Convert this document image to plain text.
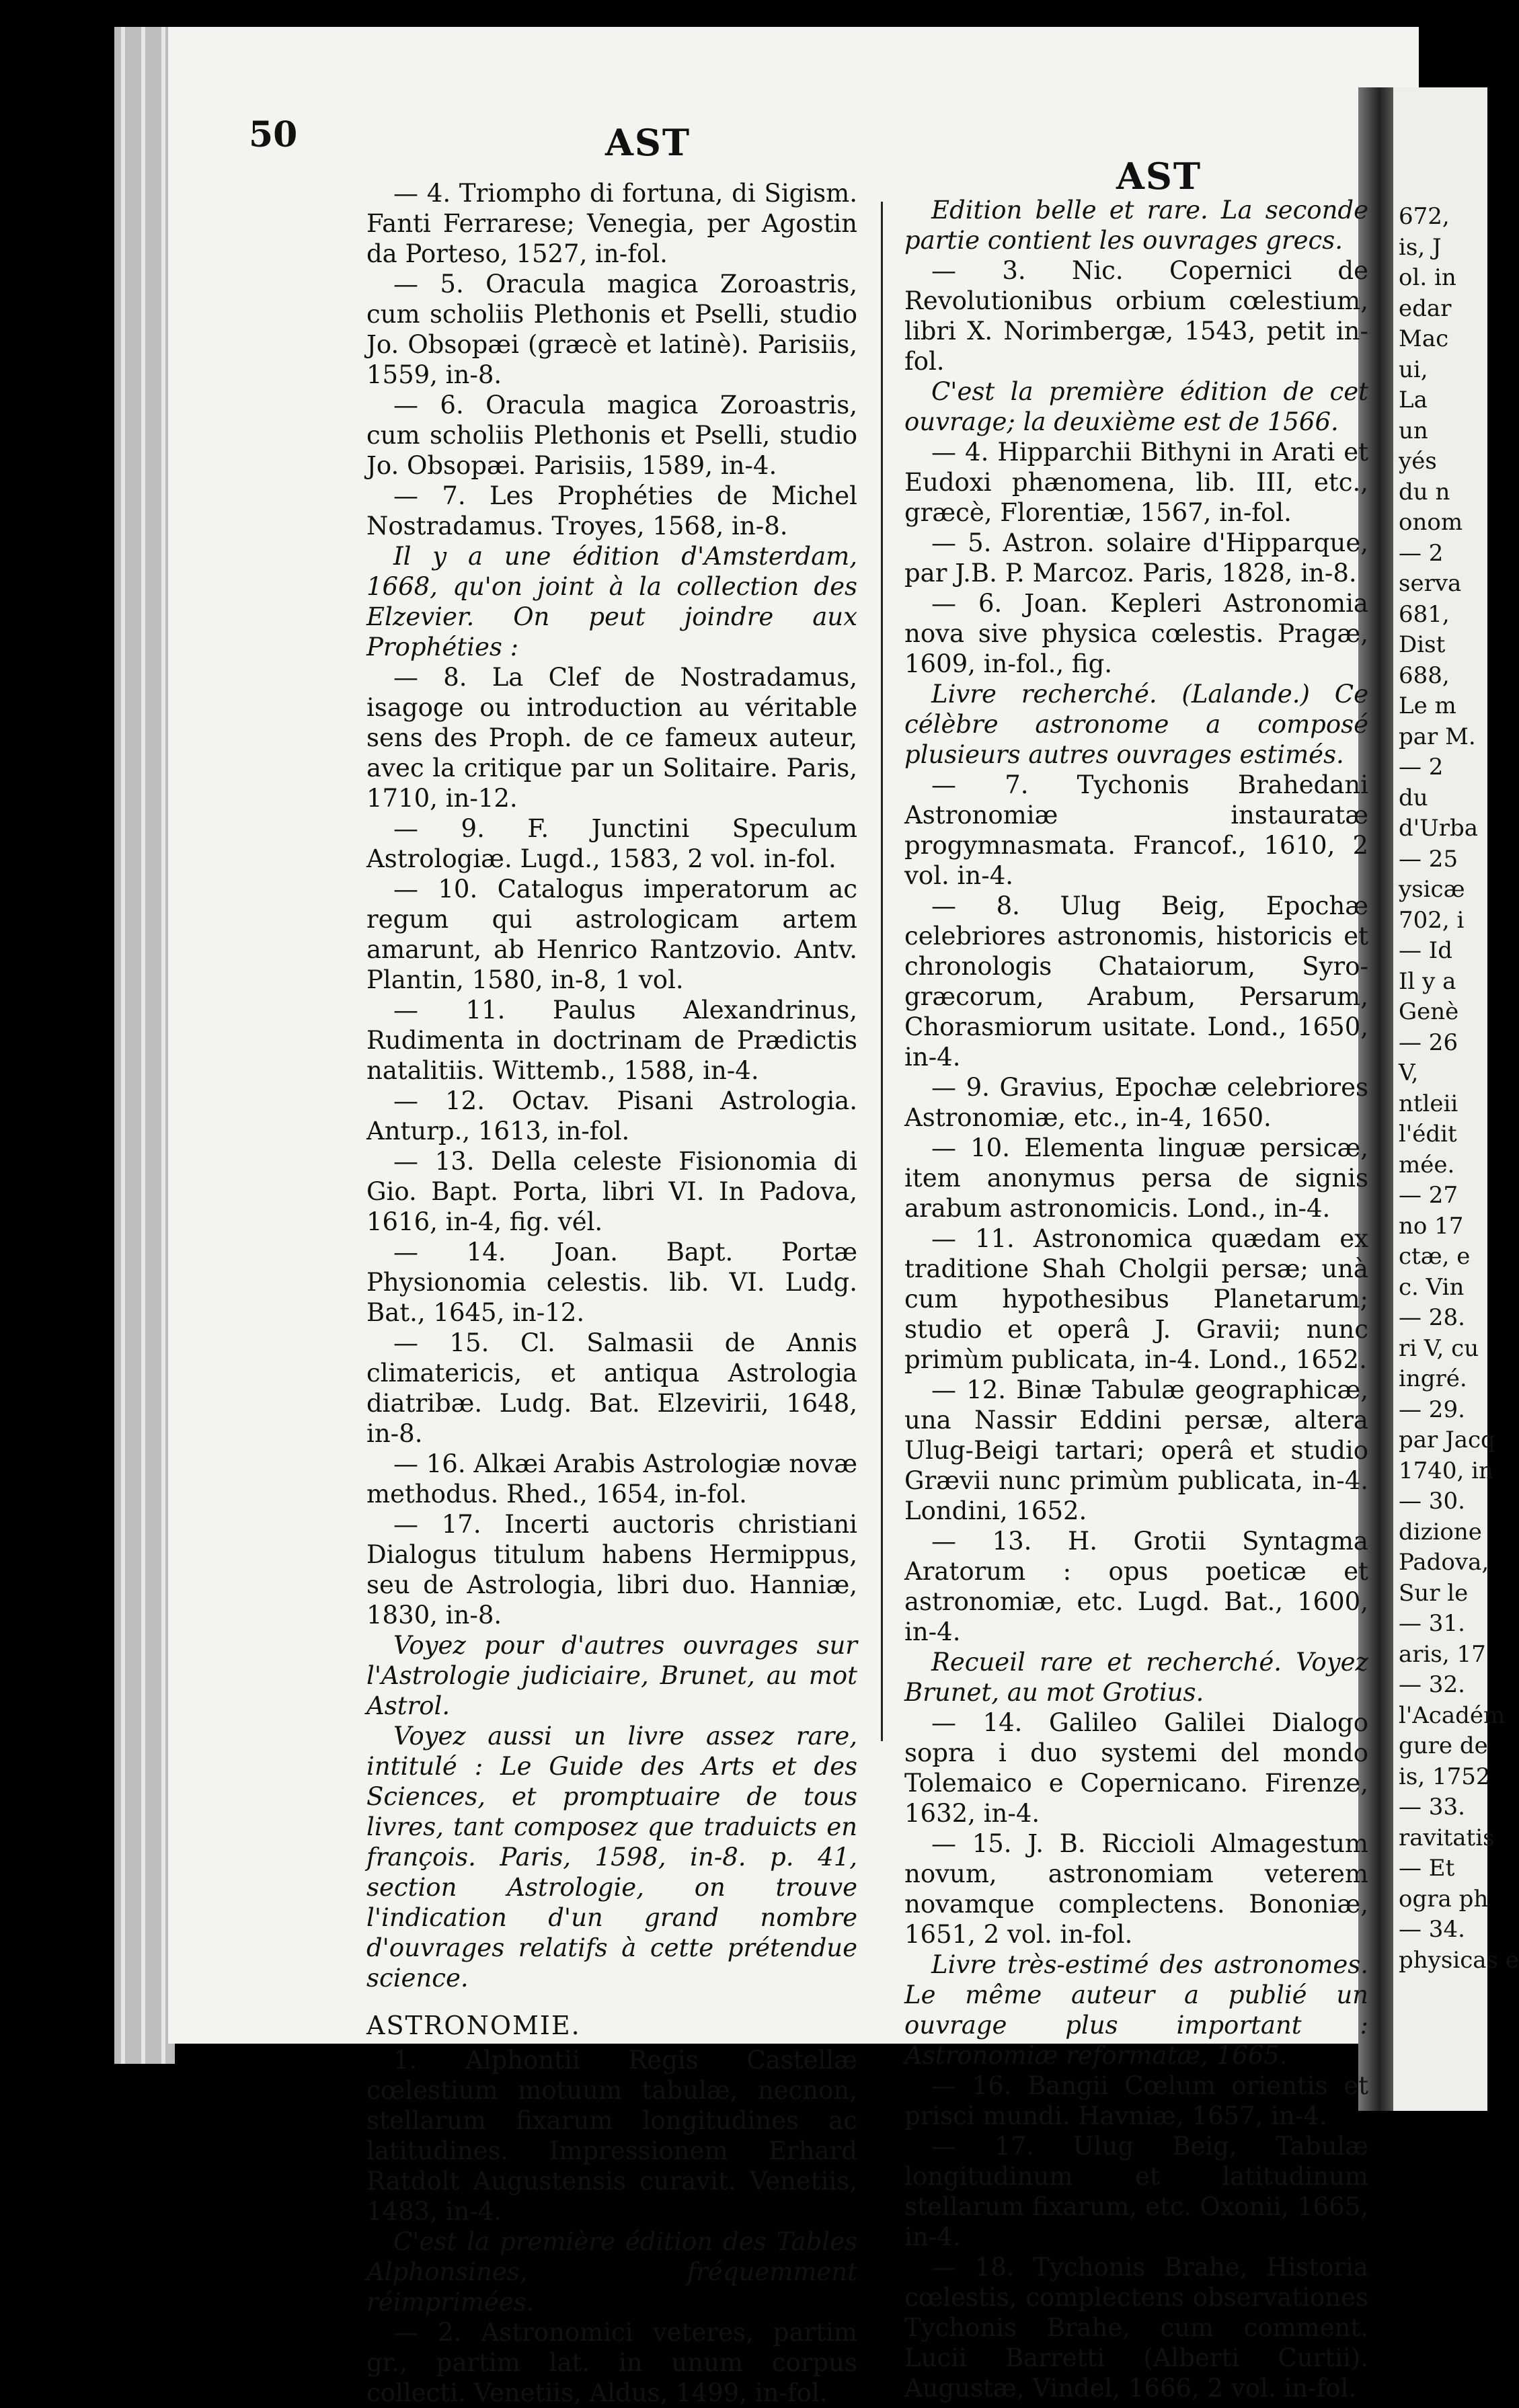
50	AST
AST

— 4. Triompho di fortuna, di Sigism. Fanti Ferrarese; Venegia, per Agostin da Porteso, 1527, in-fol.

— 5. Oracula magica Zoroastris, cum scholiis Plethonis et Pselli, studio Jo. Obsopæi (græcè et latinè). Parisiis, 1559, in-8.

— 6. Oracula magica Zoroastris, cum scholiis Plethonis et Pselli, studio Jo. Obsopæi. Parisiis, 1589, in-4.

— 7. Les Prophéties de Michel Nostradamus. Troyes, 1568, in-8.

Il y a une édition d'Amsterdam, 1668, qu'on joint à la collection des Elzevier. On peut joindre aux Prophéties :

— 8. La Clef de Nostradamus, isagoge ou introduction au véritable sens des Proph. de ce fameux auteur, avec la critique par un Solitaire. Paris, 1710, in-12.

— 9. F. Junctini Speculum Astrologiæ. Lugd., 1583, 2 vol. in-fol.

— 10. Catalogus imperatorum ac regum qui astrologicam artem amarunt, ab Henrico Rantzovio. Antv. Plantin, 1580, in-8, 1 vol.

— 11. Paulus Alexandrinus, Rudimenta in doctrinam de Prædictis natalitiis. Wittemb., 1588, in-4.

— 12. Octav. Pisani Astrologia. Anturp., 1613, in-fol.

— 13. Della celeste Fisionomia di Gio. Bapt. Porta, libri VI. In Padova, 1616, in-4, fig. vél.

— 14. Joan. Bapt. Portæ Physionomia celestis. lib. VI. Ludg. Bat., 1645, in-12.

— 15. Cl. Salmasii de Annis climatericis, et antiqua Astrologia diatribæ. Ludg. Bat. Elzevirii, 1648, in-8.

— 16. Alkæi Arabis Astrologiæ novæ methodus. Rhed., 1654, in-fol.

— 17. Incerti auctoris christiani Dialogus titulum habens Hermippus, seu de Astrologia, libri duo. Hanniæ, 1830, in-8.

Voyez pour d'autres ouvrages sur l'Astrologie judiciaire, Brunet, au mot Astrol.

Voyez aussi un livre assez rare, intitulé : Le Guide des Arts et des Sciences, et promptuaire de tous livres, tant composez que traduicts en françois. Paris, 1598, in-8. p. 41, section Astrologie, on trouve l'indication d'un grand nombre d'ouvrages relatifs à cette prétendue science.

ASTRONOMIE.

1. Alphontii Regis Castellæ cœlestium motuum tabulæ, necnon, stellarum fixarum longitudines ac latitudines. Impressionem Erhard Ratdolt Augustensis curavit. Venetiis, 1483, in-4.

C'est la première édition des Tables Alphonsines, fréquemment réimprimées.

— 2. Astronomici veteres, partim gr., partim lat. in unum corpus collecti. Venetiis, Aldus, 1499, in-fol.

Edition belle et rare. La seconde partie contient les ouvrages grecs.

— 3. Nic. Copernici de Revolutionibus orbium cœlestium, libri X. Norimbergæ, 1543, petit in-fol.

C'est la première édition de cet ouvrage; la deuxième est de 1566.

— 4. Hipparchii Bithyni in Arati et Eudoxi phænomena, lib. III, etc., græcè, Florentiæ, 1567, in-fol.

— 5. Astron. solaire d'Hipparque, par J.B. P. Marcoz. Paris, 1828, in-8.

— 6. Joan. Kepleri Astronomia nova sive physica cœlestis. Pragæ, 1609, in-fol., fig.

Livre recherché. (Lalande.) Ce célèbre astronome a composé plusieurs autres ouvrages estimés.

— 7. Tychonis Brahedani Astronomiæ instauratæ progymnasmata. Francof., 1610, 2 vol. in-4.

— 8. Ulug Beig, Epochæ celebriores astronomis, historicis et chronologis Chataiorum, Syro-græcorum, Arabum, Persarum, Chorasmiorum usitate. Lond., 1650, in-4.

— 9. Gravius, Epochæ celebriores Astronomiæ, etc., in-4, 1650.

— 10. Elementa linguæ persicæ, item anonymus persa de signis arabum astronomicis. Lond., in-4.

— 11. Astronomica quædam ex traditione Shah Cholgii persæ; unà cum hypothesibus Planetarum; studio et operâ J. Gravii; nunc primùm publicata, in-4. Lond., 1652.

— 12. Binæ Tabulæ geographicæ, una Nassir Eddini persæ, altera Ulug-Beigi tartari; operâ et studio Grævii nunc primùm publicata, in-4. Londini, 1652.

— 13. H. Grotii Syntagma Aratorum : opus poeticæ et astronomiæ, etc. Lugd. Bat., 1600, in-4.

Recueil rare et recherché. Voyez Brunet, au mot Grotius.

— 14. Galileo Galilei Dialogo sopra i duo systemi del mondo Tolemaico e Copernicano. Firenze, 1632, in-4.

— 15. J. B. Riccioli Almagestum novum, astronomiam veterem novamque complectens. Bononiæ, 1651, 2 vol. in-fol.

Livre très-estimé des astronomes. Le même auteur a publié un ouvrage plus important : Astronomiæ reformatæ, 1665.

— 16. Bangii Cœlum orientis et prisci mundi. Havniæ, 1657, in-4.

— 17. Ulug Beig, Tabulæ longitudinum et latitudinum stellarum fixarum, etc. Oxonii, 1665, in-4.

— 18. Tychonis Brahe, Historia cœlestis, complectens observationes Tychonis Brahe, cum comment. Lucii Barretti (Alberti Curtii). Augustæ, Vindel, 1666, 2 vol. in-fol.

672,
is, J
ol. in
edar
Mac
ui,
La
un
yés
du n
onom
— 2
serva
681,
Dist
688,
Le m
par M.
— 2
du
d'Urba
— 25
ysicæ
702, i
— Id
Il y a
Genè
— 26
V,
ntleii
l'édit
mée.
— 27
no 17
ctæ, e
c. Vin
— 28.
ri V, cu
ingré.
— 29.
par Jacq
1740, in
— 30.
dizione
Padova,
Sur le
— 31.
aris, 17
— 32.
l'Académ
gure de
is, 1752
— 33.
ravitatis
— Et
ogra ph
— 34.
physicas e
